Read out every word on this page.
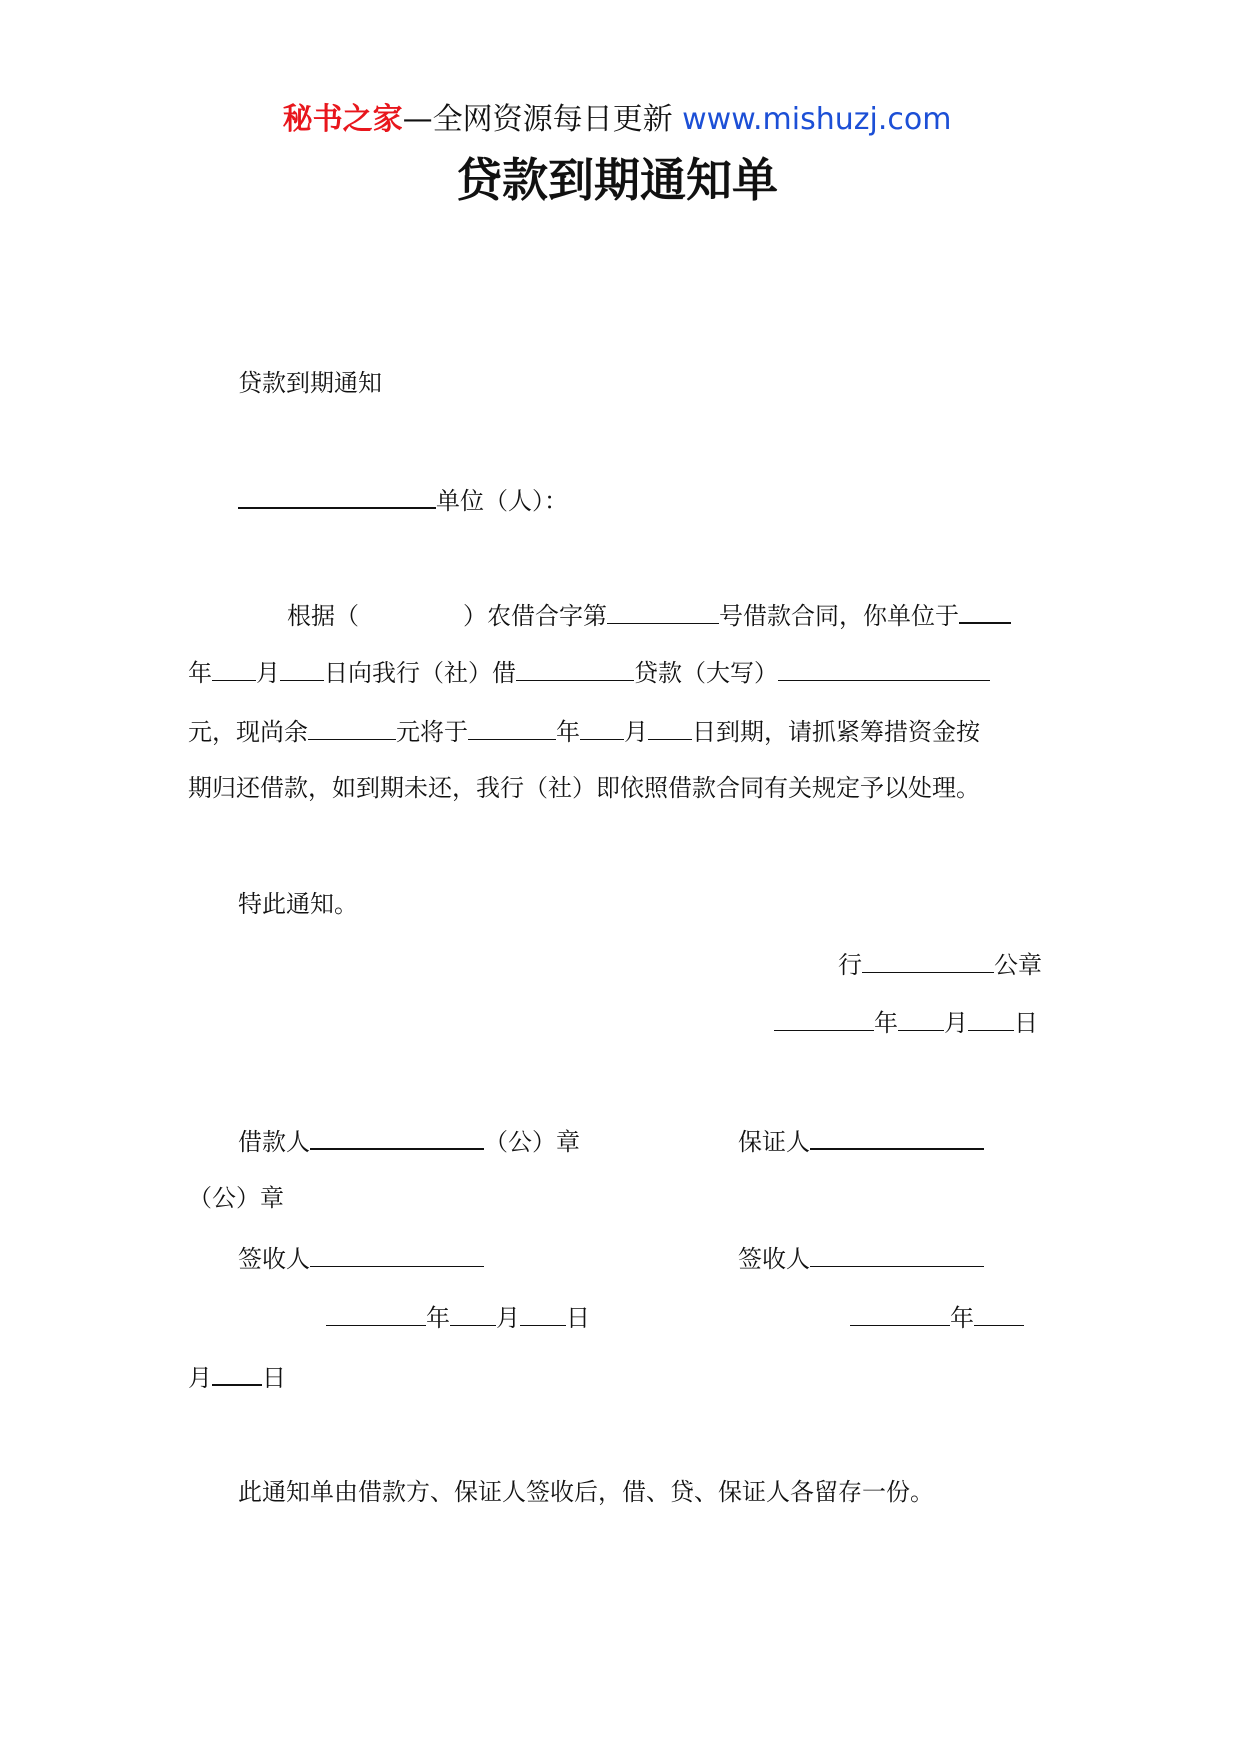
秘书之家—全网资源每日更新 www.mishuzj.com
贷款到期通知单
贷款到期通知
单位（人）：
根据（	）农借合字第	号借款合同，你单位于
年 月 日向我行（社）借	贷款（大写）
元，现尚余	元将于	年 月 日到期，请抓紧筹措资金按
期归还借款，如到期未还，我行（社）即依照借款合同有关规定予以处理。
特此通知。
行	公章
年 月 日
借款人	（公）章	保证人
（公）章
签收人	签收人
年 月 日	年
月 日
此通知单由借款方、保证人签收后，借、贷、保证人各留存一份。
